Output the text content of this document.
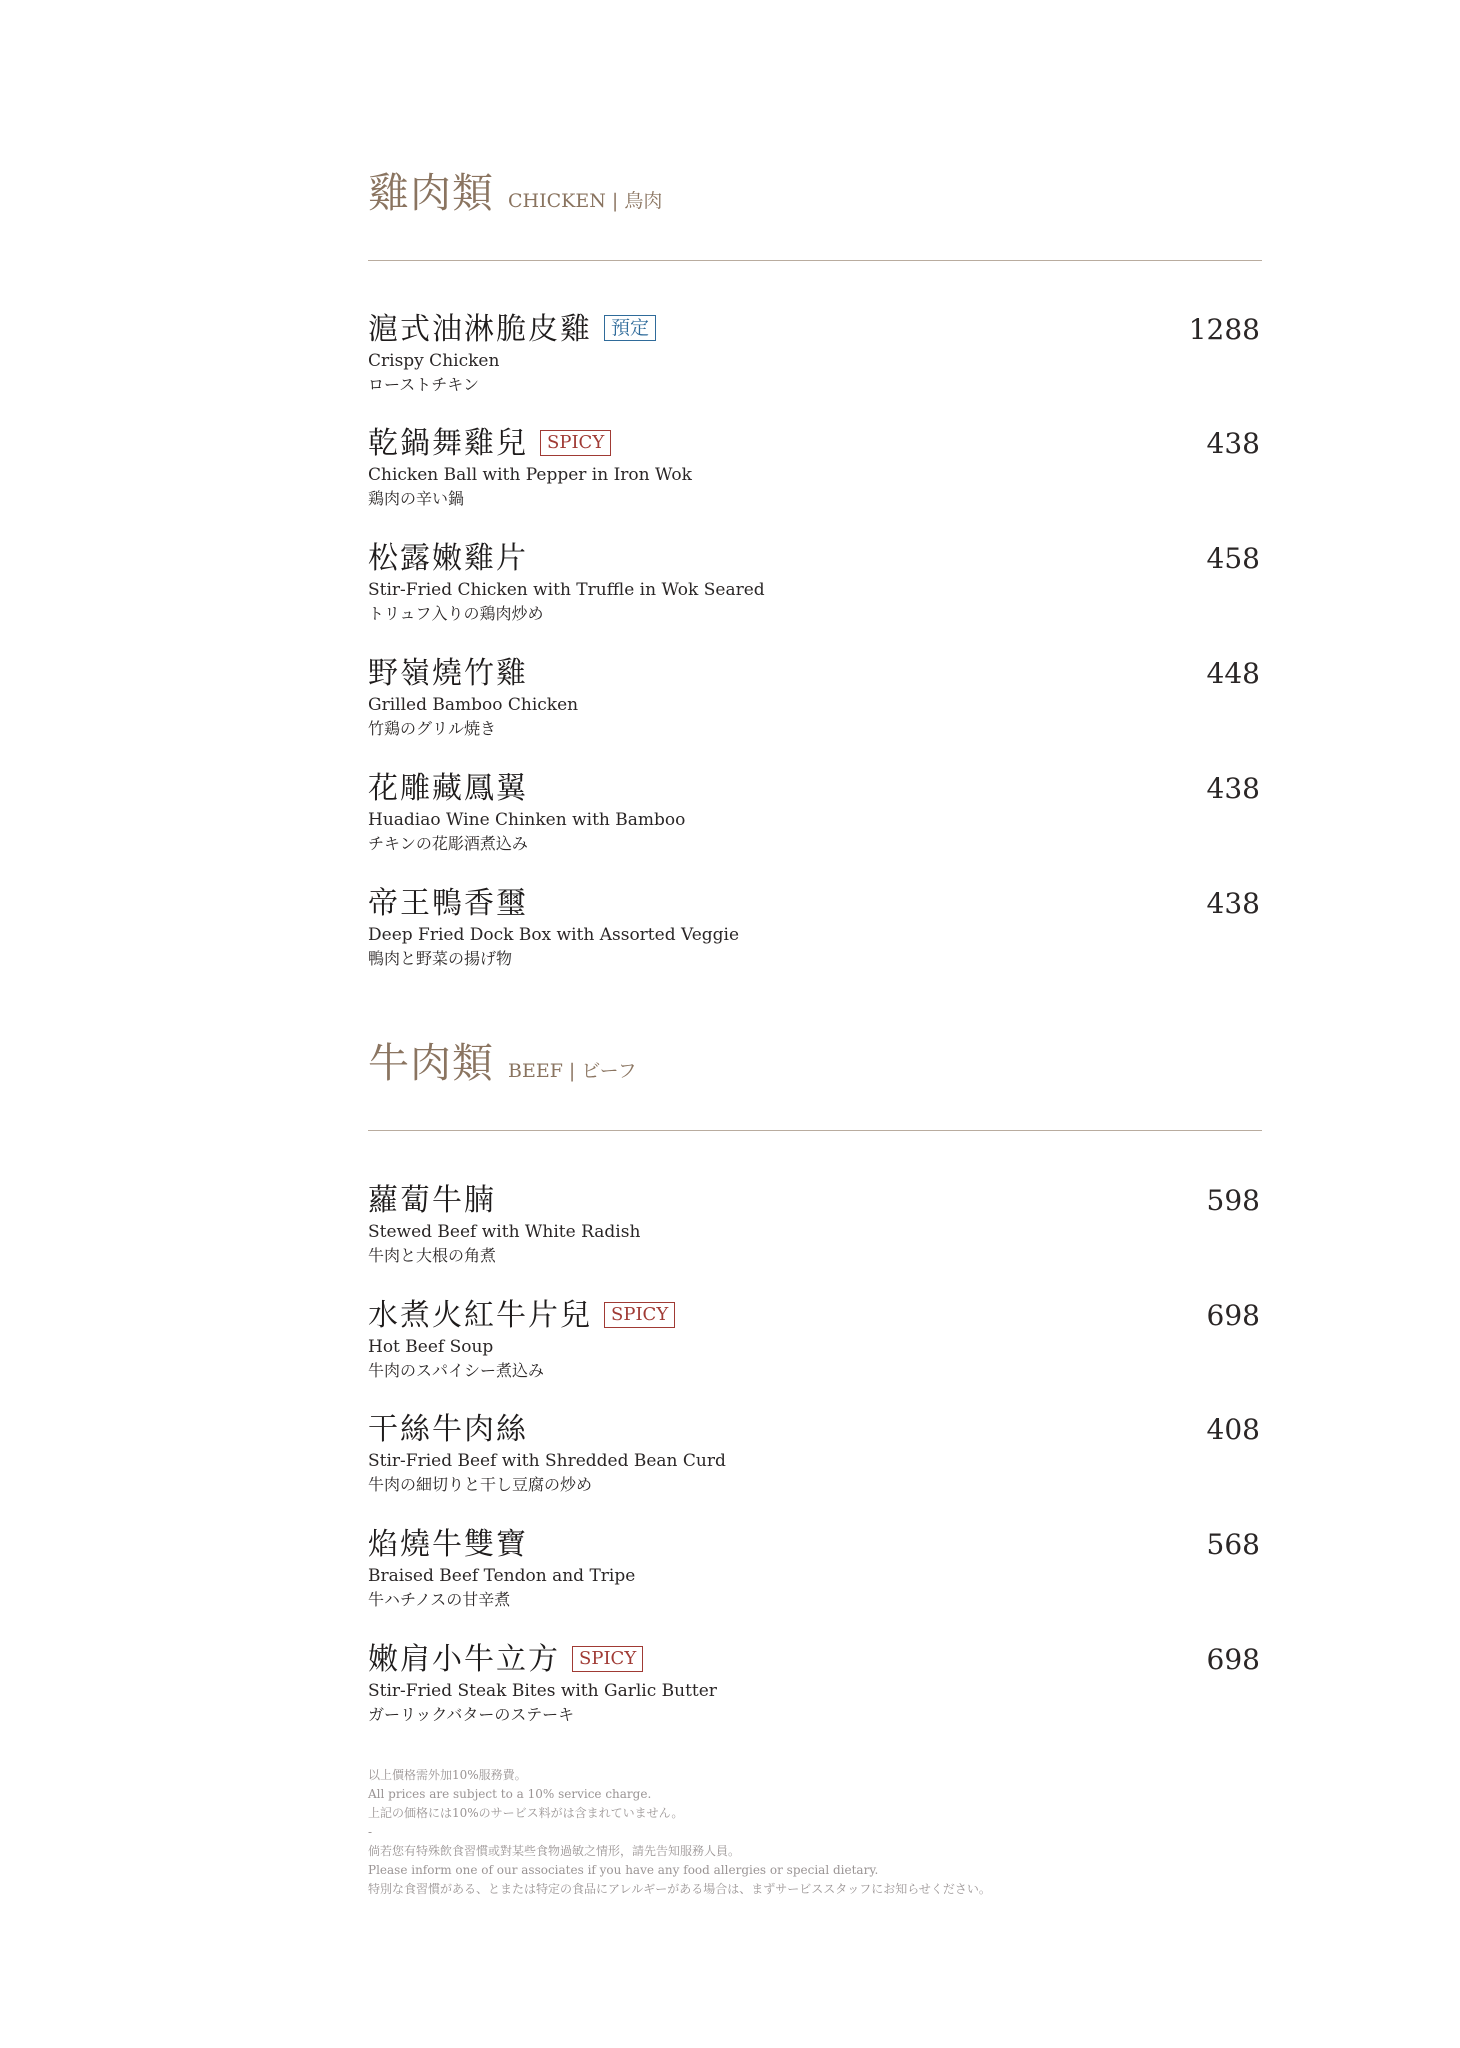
雞肉類 CHICKEN | 鳥肉
滬式油淋脆皮雞 預定
Crispy Chicken
ローストチキン
1288
乾鍋舞雞兒 SPICY
Chicken Ball with Pepper in Iron Wok
鶏肉の辛い鍋
438
松露嫩雞片
Stir-Fried Chicken with Truffle in Wok Seared
トリュフ入りの鶏肉炒め
458
野嶺燒竹雞
Grilled Bamboo Chicken
竹鶏のグリル焼き
448
花雕藏鳳翼
Huadiao Wine Chinken with Bamboo
チキンの花彫酒煮込み
438
帝王鴨香璽
Deep Fried Dock Box with Assorted Veggie
鴨肉と野菜の揚げ物
438
牛肉類 BEEF | ビーフ
蘿蔔牛腩
Stewed Beef with White Radish
牛肉と大根の角煮
598
水煮火紅牛片兒 SPICY
Hot Beef Soup
牛肉のスパイシー煮込み
698
干絲牛肉絲
Stir-Fried Beef with Shredded Bean Curd
牛肉の細切りと干し豆腐の炒め
408
焰燒牛雙寶
Braised Beef Tendon and Tripe
牛ハチノスの甘辛煮
568
嫩肩小牛立方 SPICY
Stir-Fried Steak Bites with Garlic Butter
ガーリックバターのステーキ
698
以上價格需外加10%服務費。
All prices are subject to a 10% service charge.
上記の価格には10%のサービス料がは含まれていません。
-
倘若您有特殊飲食習慣或對某些食物過敏之情形，請先告知服務人員。
Please inform one of our associates if you have any food allergies or special dietary.
特別な食習慣がある、とまたは特定の食品にアレルギーがある場合は、まずサービススタッフにお知らせください。
